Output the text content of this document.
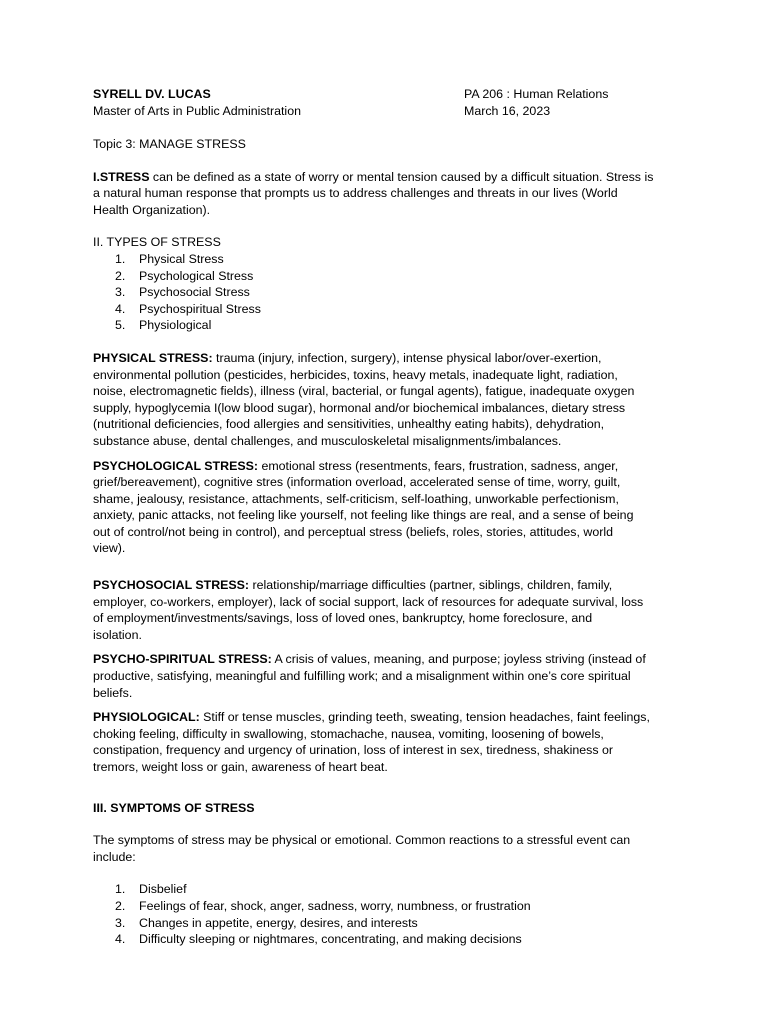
SYRELL DV. LUCAS
Master of Arts in Public Administration
PA 206 : Human Relations
March 16, 2023

Topic 3: MANAGE STRESS

I.STRESS can be defined as a state of worry or mental tension caused by a difficult situation. Stress is
a natural human response that prompts us to address challenges and threats in our lives (World
Health Organization).

II. TYPES OF STRESS
1. Physical Stress
2. Psychological Stress
3. Psychosocial Stress
4. Psychospiritual Stress
5. Physiological

PHYSICAL STRESS: trauma (injury, infection, surgery), intense physical labor/over-exertion,
environmental pollution (pesticides, herbicides, toxins, heavy metals, inadequate light, radiation,
noise, electromagnetic fields), illness (viral, bacterial, or fungal agents), fatigue, inadequate oxygen
supply, hypoglycemia I(low blood sugar), hormonal and/or biochemical imbalances, dietary stress
(nutritional deficiencies, food allergies and sensitivities, unhealthy eating habits), dehydration,
substance abuse, dental challenges, and musculoskeletal misalignments/imbalances.

PSYCHOLOGICAL STRESS: emotional stress (resentments, fears, frustration, sadness, anger,
grief/bereavement), cognitive stres (information overload, accelerated sense of time, worry, guilt,
shame, jealousy, resistance, attachments, self-criticism, self-loathing, unworkable perfectionism,
anxiety, panic attacks, not feeling like yourself, not feeling like things are real, and a sense of being
out of control/not being in control), and perceptual stress (beliefs, roles, stories, attitudes, world
view).

PSYCHOSOCIAL STRESS: relationship/marriage difficulties (partner, siblings, children, family,
employer, co-workers, employer), lack of social support, lack of resources for adequate survival, loss
of employment/investments/savings, loss of loved ones, bankruptcy, home foreclosure, and
isolation.

PSYCHO-SPIRITUAL STRESS: A crisis of values, meaning, and purpose; joyless striving (instead of
productive, satisfying, meaningful and fulfilling work; and a misalignment within one’s core spiritual
beliefs.

PHYSIOLOGICAL: Stiff or tense muscles, grinding teeth, sweating, tension headaches, faint feelings,
choking feeling, difficulty in swallowing, stomachache, nausea, vomiting, loosening of bowels,
constipation, frequency and urgency of urination, loss of interest in sex, tiredness, shakiness or
tremors, weight loss or gain, awareness of heart beat.

III. SYMPTOMS OF STRESS

The symptoms of stress may be physical or emotional. Common reactions to a stressful event can
include:

1. Disbelief
2. Feelings of fear, shock, anger, sadness, worry, numbness, or frustration
3. Changes in appetite, energy, desires, and interests
4. Difficulty sleeping or nightmares, concentrating, and making decisions
